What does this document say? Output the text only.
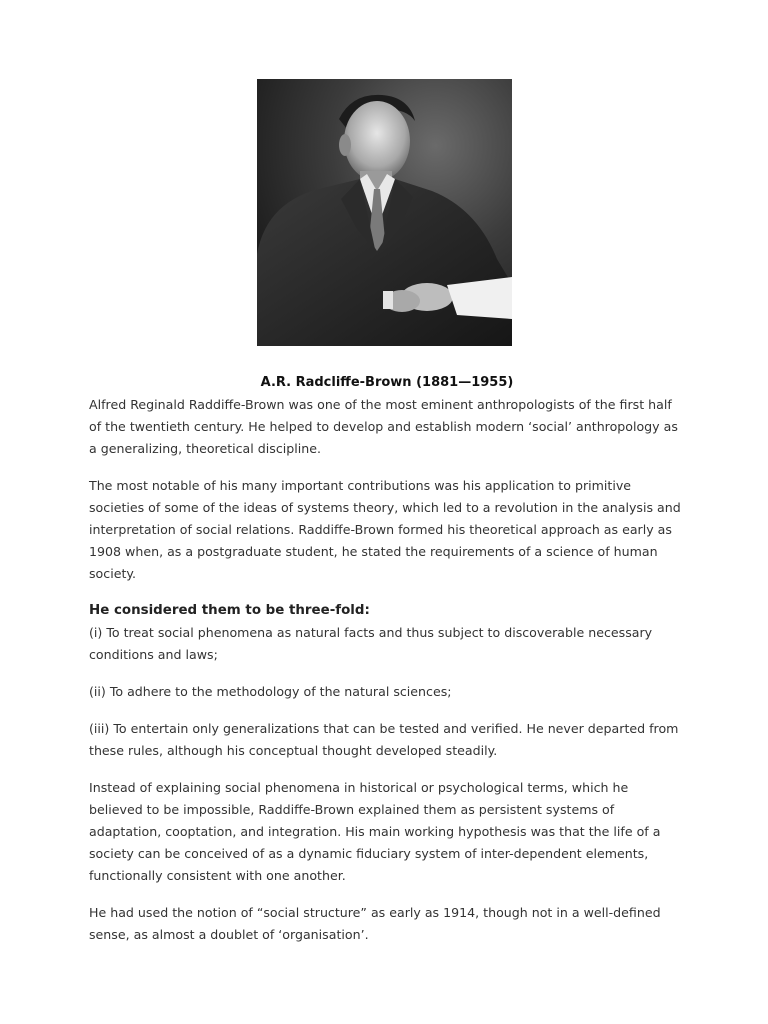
A.R. Radcliffe-Brown (1881—1955)

Alfred Reginald Raddiffe-Brown was one of the most eminent anthropologists of the first half of the twentieth century. He helped to develop and establish modern ‘social’ anthropology as a generalizing, theoretical discipline.

The most notable of his many important contributions was his application to primitive societies of some of the ideas of systems theory, which led to a revolution in the analysis and interpretation of social relations. Raddiffe-Brown formed his theoretical approach as early as 1908 when, as a postgraduate student, he stated the requirements of a science of human society.

He considered them to be three-fold:

(i) To treat social phenomena as natural facts and thus subject to discoverable necessary conditions and laws;

(ii) To adhere to the methodology of the natural sciences;

(iii) To entertain only generalizations that can be tested and verified. He never departed from these rules, although his conceptual thought developed steadily.

Instead of explaining social phenomena in historical or psychological terms, which he believed to be impossible, Raddiffe-Brown explained them as persistent systems of adaptation, cooptation, and integration. His main working hypothesis was that the life of a society can be conceived of as a dynamic fiduciary system of inter-dependent elements, functionally consistent with one another.

He had used the notion of “social structure” as early as 1914, though not in a well-defined sense, as almost a doublet of ‘organisation’.
